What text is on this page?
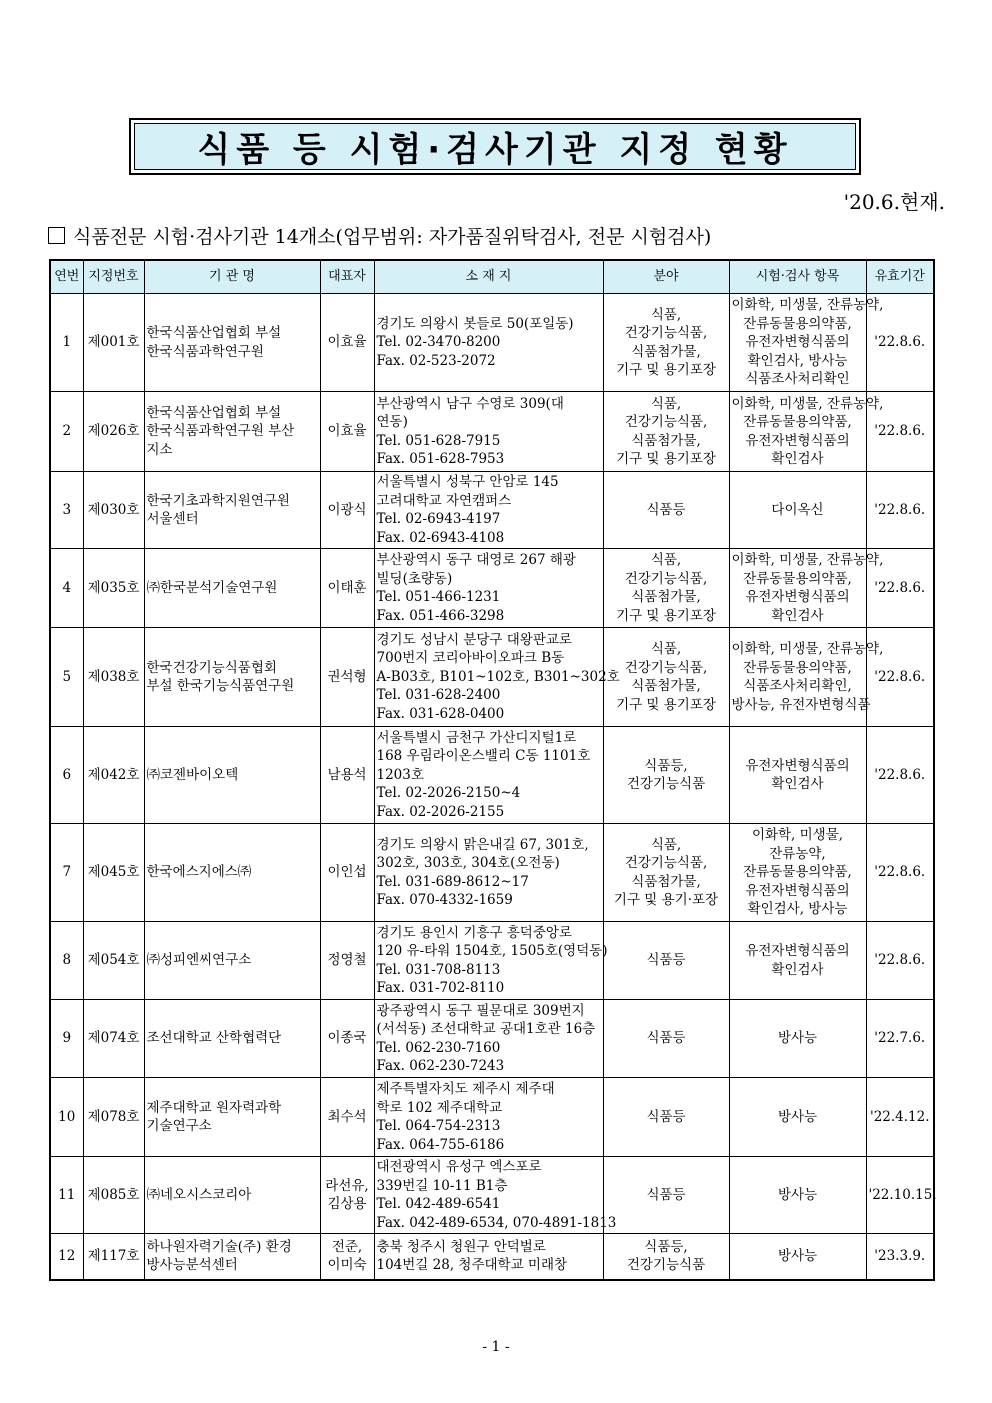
식품 등 시험·검사기관 지정 현황
'20.6.현재.
식품전문 시험·검사기관 14개소(업무범위: 자가품질위탁검사, 전문 시험검사)
연번	지정번호	기 관 명	대표자	소 재 지	분야	시험·검사 항목	유효기간
1	제001호	한국식품산업협회 부설
한국식품과학연구원	이효율	경기도 의왕시 봇들로 50(포일동)
Tel. 02-3470-8200
Fax. 02-523-2072	식품,
건강기능식품,
식품첨가물,
기구 및 용기포장	이화학, 미생물, 잔류농약,
잔류동물용의약품,
유전자변형식품의
확인검사, 방사능
식품조사처리확인	'22.8.6.
2	제026호	한국식품산업협회 부설
한국식품과학연구원 부산
지소	이효율	부산광역시 남구 수영로 309(대
연동)
Tel. 051-628-7915
Fax. 051-628-7953	식품,
건강기능식품,
식품첨가물,
기구 및 용기포장	이화학, 미생물, 잔류농약,
잔류동물용의약품,
유전자변형식품의
확인검사	'22.8.6.
3	제030호	한국기초과학지원연구원
서울센터	이광식	서울특별시 성북구 안암로 145
고려대학교 자연캠퍼스
Tel. 02-6943-4197
Fax. 02-6943-4108	식품등	다이옥신	'22.8.6.
4	제035호	㈜한국분석기술연구원	이태훈	부산광역시 동구 대영로 267 해광
빌딩(초량동)
Tel. 051-466-1231
Fax. 051-466-3298	식품,
건강기능식품,
식품첨가물,
기구 및 용기포장	이화학, 미생물, 잔류농약,
잔류동물용의약품,
유전자변형식품의
확인검사	'22.8.6.
5	제038호	한국건강기능식품협회
부설 한국기능식품연구원	권석형	경기도 성남시 분당구 대왕판교로
700번지 코리아바이오파크 B동
A-B03호, B101~102호, B301~302호
Tel. 031-628-2400
Fax. 031-628-0400	식품,
건강기능식품,
식품첨가물,
기구 및 용기포장	이화학, 미생물, 잔류농약,
잔류동물용의약품,
식품조사처리확인,
방사능, 유전자변형식품	'22.8.6.
6	제042호	㈜코젠바이오텍	남용석	서울특별시 금천구 가산디지털1로
168 우림라이온스밸리 C동 1101호
1203호
Tel. 02-2026-2150~4
Fax. 02-2026-2155	식품등,
건강기능식품	유전자변형식품의
확인검사	'22.8.6.
7	제045호	한국에스지에스㈜	이인섭	경기도 의왕시 맑은내길 67, 301호,
302호, 303호, 304호(오전동)
Tel. 031-689-8612~17
Fax. 070-4332-1659	식품,
건강기능식품,
식품첨가물,
기구 및 용기·포장	이화학, 미생물,
잔류농약,
잔류동물용의약품,
유전자변형식품의
확인검사, 방사능	'22.8.6.
8	제054호	㈜성피엔씨연구소	정영철	경기도 용인시 기흥구 흥덕중앙로
120 유-타워 1504호, 1505호(영덕동)
Tel. 031-708-8113
Fax. 031-702-8110	식품등	유전자변형식품의
확인검사	'22.8.6.
9	제074호	조선대학교 산학협력단	이종국	광주광역시 동구 필문대로 309번지
(서석동) 조선대학교 공대1호관 16층
Tel. 062-230-7160
Fax. 062-230-7243	식품등	방사능	'22.7.6.
10	제078호	제주대학교 원자력과학
기술연구소	최수석	제주특별자치도 제주시 제주대
학로 102 제주대학교
Tel. 064-754-2313
Fax. 064-755-6186	식품등	방사능	'22.4.12.
11	제085호	㈜네오시스코리아	라선유,
김상용	대전광역시 유성구 엑스포로
339번길 10-11 B1층
Tel. 042-489-6541
Fax. 042-489-6534, 070-4891-1813	식품등	방사능	'22.10.15.
12	제117호	하나원자력기술(주) 환경
방사능분석센터	전준,
이미숙	충북 청주시 청원구 안덕벌로
104번길 28, 청주대학교 미래창	식품등,
건강기능식품	방사능	'23.3.9.
- 1 -
